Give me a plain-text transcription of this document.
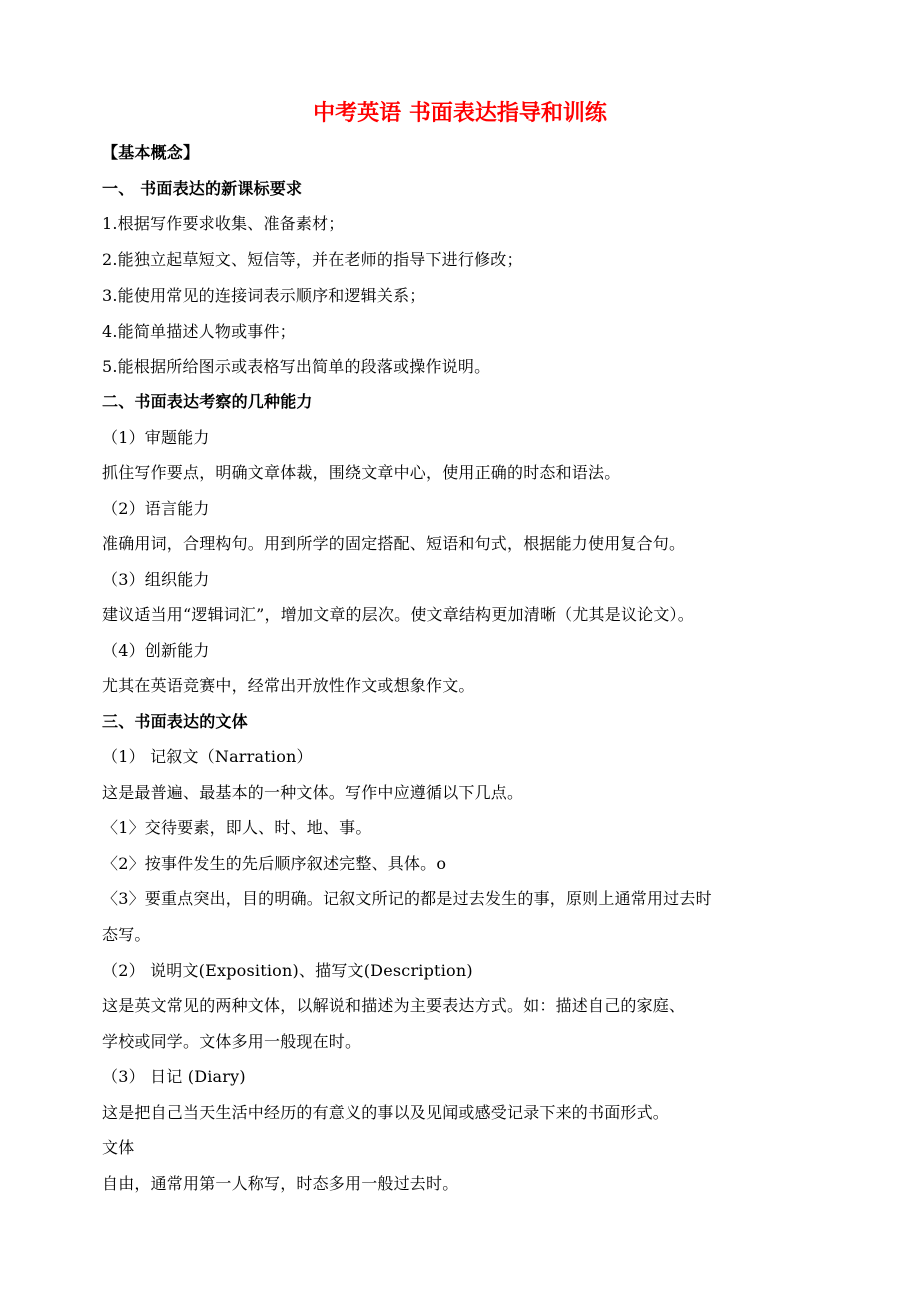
中考英语 书面表达指导和训练
【基本概念】
一、 书面表达的新课标要求
1.根据写作要求收集、准备素材；
2.能独立起草短文、短信等，并在老师的指导下进行修改；
3.能使用常见的连接词表示顺序和逻辑关系；
4.能简单描述人物或事件；
5.能根据所给图示或表格写出简单的段落或操作说明。
二、书面表达考察的几种能力
（1）审题能力
抓住写作要点，明确文章体裁，围绕文章中心，使用正确的时态和语法。
（2）语言能力
准确用词，合理构句。用到所学的固定搭配、短语和句式，根据能力使用复合句。
（3）组织能力
建议适当用“逻辑词汇”，增加文章的层次。使文章结构更加清晰（尤其是议论文）。
（4）创新能力
尤其在英语竞赛中，经常出开放性作文或想象作文。
三、书面表达的文体
（1） 记叙文（Narration）
这是最普遍、最基本的一种文体。写作中应遵循以下几点。
〈1〉交待要素，即人、时、地、事。
〈2〉按事件发生的先后顺序叙述完整、具体。o
〈3〉要重点突出，目的明确。记叙文所记的都是过去发生的事，原则上通常用过去时
态写。
（2） 说明文(Exposition)、描写文(Description)
这是英文常见的两种文体，以解说和描述为主要表达方式。如：描述自己的家庭、
学校或同学。文体多用一般现在时。
（3） 日记 (Diary)
这是把自己当天生活中经历的有意义的事以及见闻或感受记录下来的书面形式。
文体
自由，通常用第一人称写，时态多用一般过去时。
